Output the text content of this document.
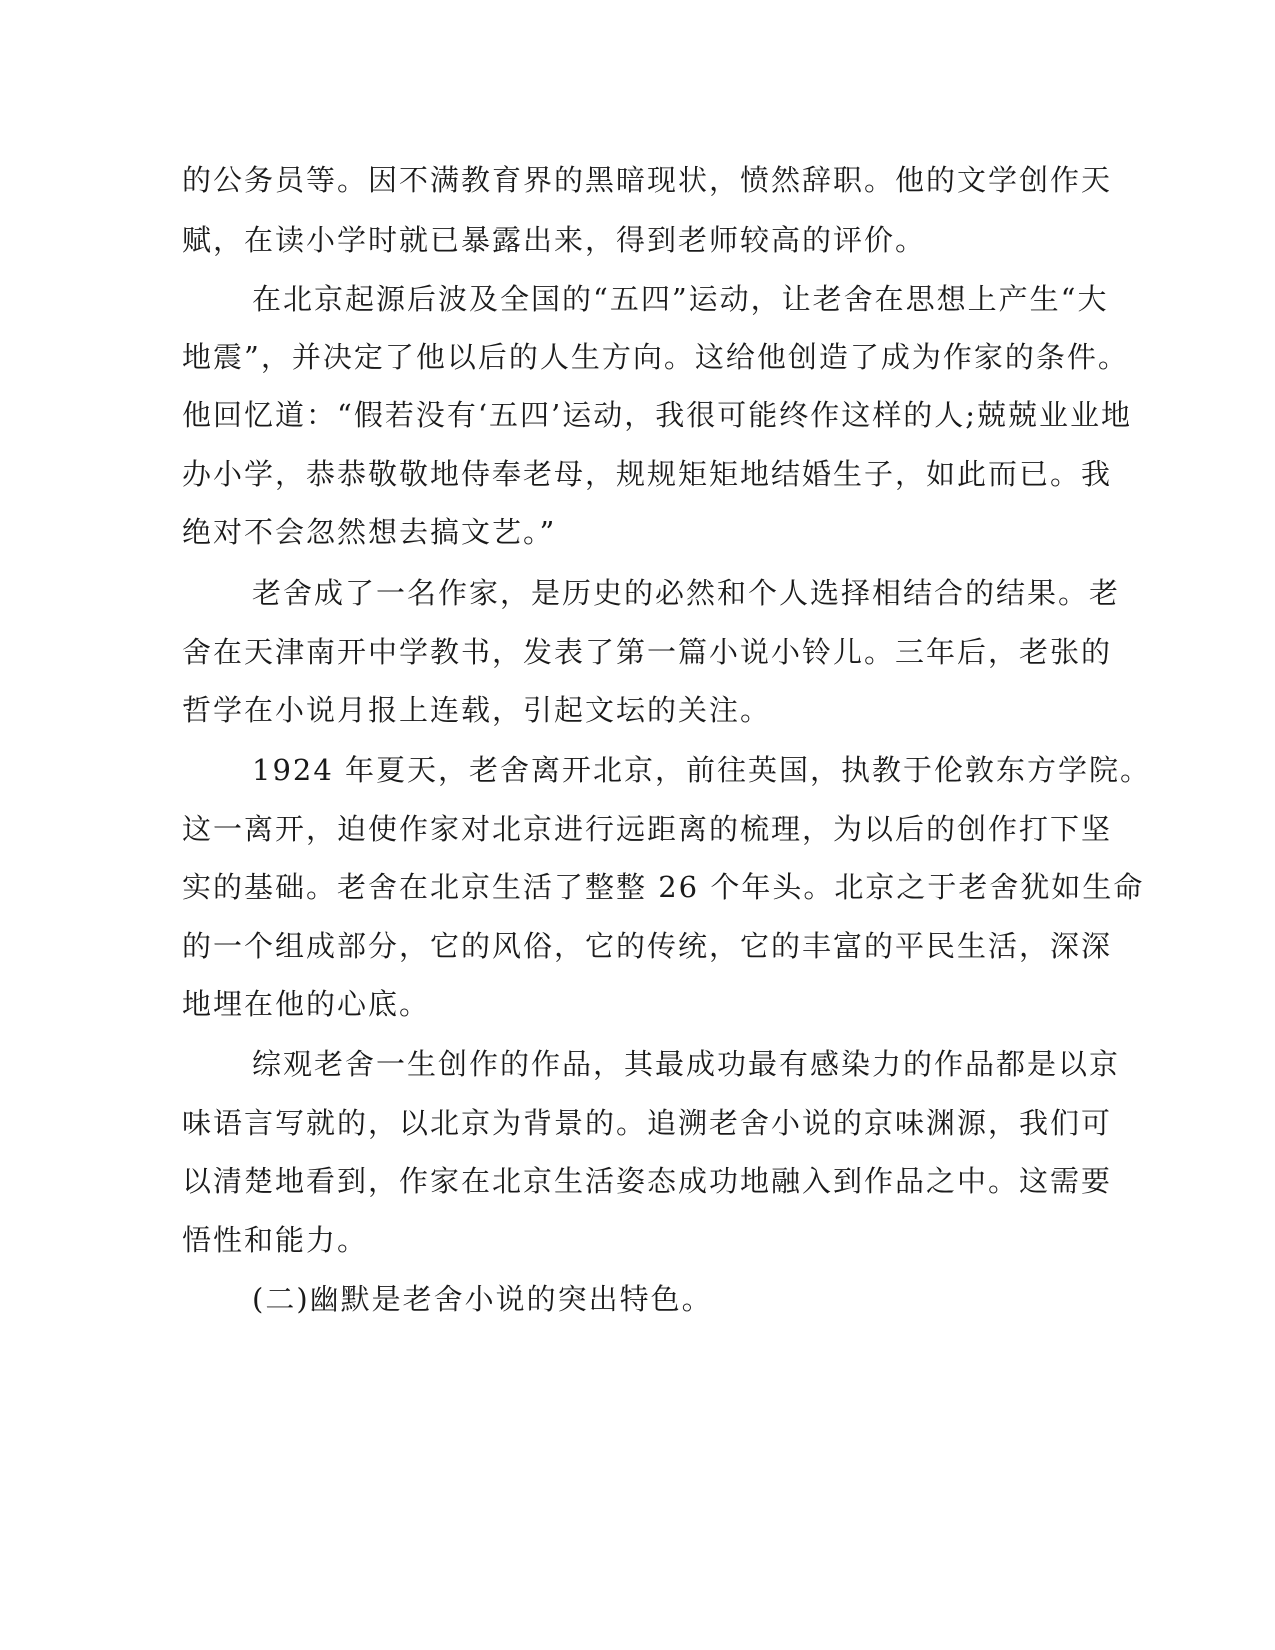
的公务员等。因不满教育界的黑暗现状，愤然辞职。他的文学创作天

赋，在读小学时就已暴露出来，得到老师较高的评价。

在北京起源后波及全国的“五四”运动，让老舍在思想上产生“大

地震”，并决定了他以后的人生方向。这给他创造了成为作家的条件。

他回忆道：“假若没有‘五四’运动，我很可能终作这样的人;兢兢业业地

办小学，恭恭敬敬地侍奉老母，规规矩矩地结婚生子，如此而已。我

绝对不会忽然想去搞文艺。”

老舍成了一名作家，是历史的必然和个人选择相结合的结果。老

舍在天津南开中学教书，发表了第一篇小说小铃儿。三年后，老张的

哲学在小说月报上连载，引起文坛的关注。

1924 年夏天，老舍离开北京，前往英国，执教于伦敦东方学院。

这一离开，迫使作家对北京进行远距离的梳理，为以后的创作打下坚

实的基础。老舍在北京生活了整整 26 个年头。北京之于老舍犹如生命

的一个组成部分，它的风俗，它的传统，它的丰富的平民生活，深深

地埋在他的心底。

综观老舍一生创作的作品，其最成功最有感染力的作品都是以京

味语言写就的，以北京为背景的。追溯老舍小说的京味渊源，我们可

以清楚地看到，作家在北京生活姿态成功地融入到作品之中。这需要

悟性和能力。

(二)幽默是老舍小说的突出特色。
